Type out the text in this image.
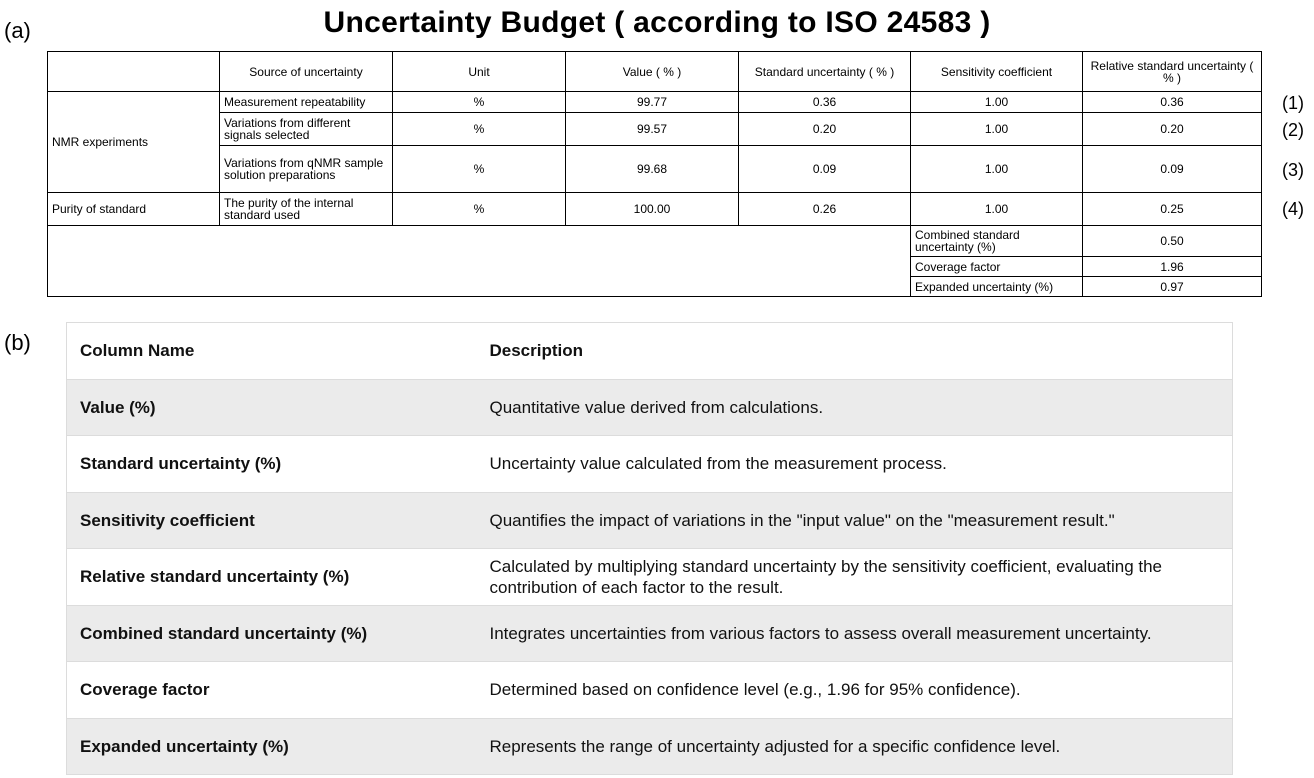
(a)	Uncertainty Budget ( according to ISO 24583 )
	Source of uncertainty	Unit	Value ( % )	Standard uncertainty ( % )	Sensitivity coefficient	Relative standard uncertainty ( % )
NMR experiments	Measurement repeatability	%	99.77	0.36	1.00	0.36
	Variations from different signals selected	%	99.57	0.20	1.00	0.20
	Variations from qNMR sample solution preparations	%	99.68	0.09	1.00	0.09
Purity of standard	The purity of the internal standard used	%	100.00	0.26	1.00	0.25
					Combined standard uncertainty (%)	0.50
					Coverage factor	1.96
					Expanded uncertainty (%)	0.97
(1)
(2)
(3)
(4)
(b)	Column Name	Description
Value (%)	Quantitative value derived from calculations.
Standard uncertainty (%)	Uncertainty value calculated from the measurement process.
Sensitivity coefficient	Quantifies the impact of variations in the "input value" on the "measurement result."
Relative standard uncertainty (%)	Calculated by multiplying standard uncertainty by the sensitivity coefficient, evaluating the contribution of each factor to the result.
Combined standard uncertainty (%)	Integrates uncertainties from various factors to assess overall measurement uncertainty.
Coverage factor	Determined based on confidence level (e.g., 1.96 for 95% confidence).
Expanded uncertainty (%)	Represents the range of uncertainty adjusted for a specific confidence level.
